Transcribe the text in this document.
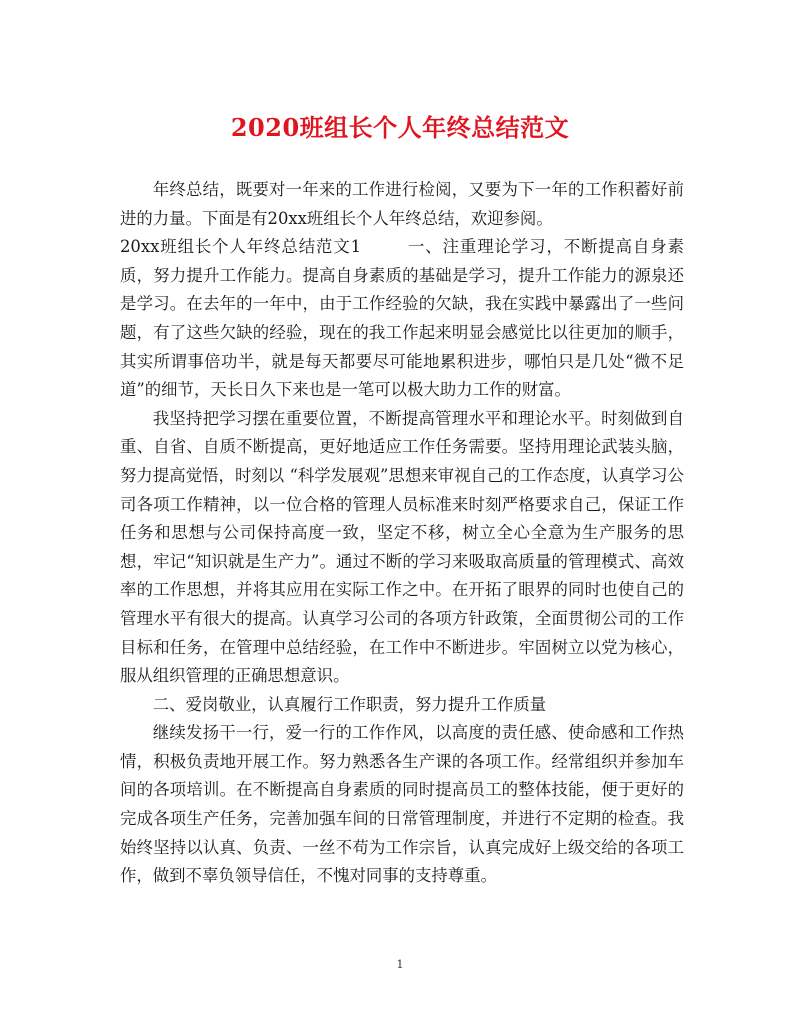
2020班组长个人年终总结范文

年终总结，既要对一年来的工作进行检阅，又要为下一年的工作积蓄好前进的力量。下面是有20xx班组长个人年终总结，欢迎参阅。

20xx班组长个人年终总结范文1	一、注重理论学习，不断提高自身素质，努力提升工作能力。提高自身素质的基础是学习，提升工作能力的源泉还是学习。在去年的一年中，由于工作经验的欠缺，我在实践中暴露出了一些问题，有了这些欠缺的经验，现在的我工作起来明显会感觉比以往更加的顺手，其实所谓事倍功半，就是每天都要尽可能地累积进步，哪怕只是几处“微不足道”的细节，天长日久下来也是一笔可以极大助力工作的财富。

我坚持把学习摆在重要位置，不断提高管理水平和理论水平。时刻做到自重、自省、自质不断提高，更好地适应工作任务需要。坚持用理论武装头脑，努力提高觉悟，时刻以 “科学发展观”思想来审视自己的工作态度，认真学习公司各项工作精神，以一位合格的管理人员标准来时刻严格要求自己，保证工作任务和思想与公司保持高度一致，坚定不移，树立全心全意为生产服务的思想，牢记“知识就是生产力”。通过不断的学习来吸取高质量的管理模式、高效率的工作思想，并将其应用在实际工作之中。在开拓了眼界的同时也使自己的管理水平有很大的提高。认真学习公司的各项方针政策，全面贯彻公司的工作目标和任务，在管理中总结经验，在工作中不断进步。牢固树立以党为核心，服从组织管理的正确思想意识。

二、爱岗敬业，认真履行工作职责，努力提升工作质量

继续发扬干一行，爱一行的工作作风，以高度的责任感、使命感和工作热情，积极负责地开展工作。努力熟悉各生产课的各项工作。经常组织并参加车间的各项培训。在不断提高自身素质的同时提高员工的整体技能，便于更好的完成各项生产任务，完善加强车间的日常管理制度，并进行不定期的检查。我始终坚持以认真、负责、一丝不苟为工作宗旨，认真完成好上级交给的各项工作，做到不辜负领导信任，不愧对同事的支持尊重。

1
